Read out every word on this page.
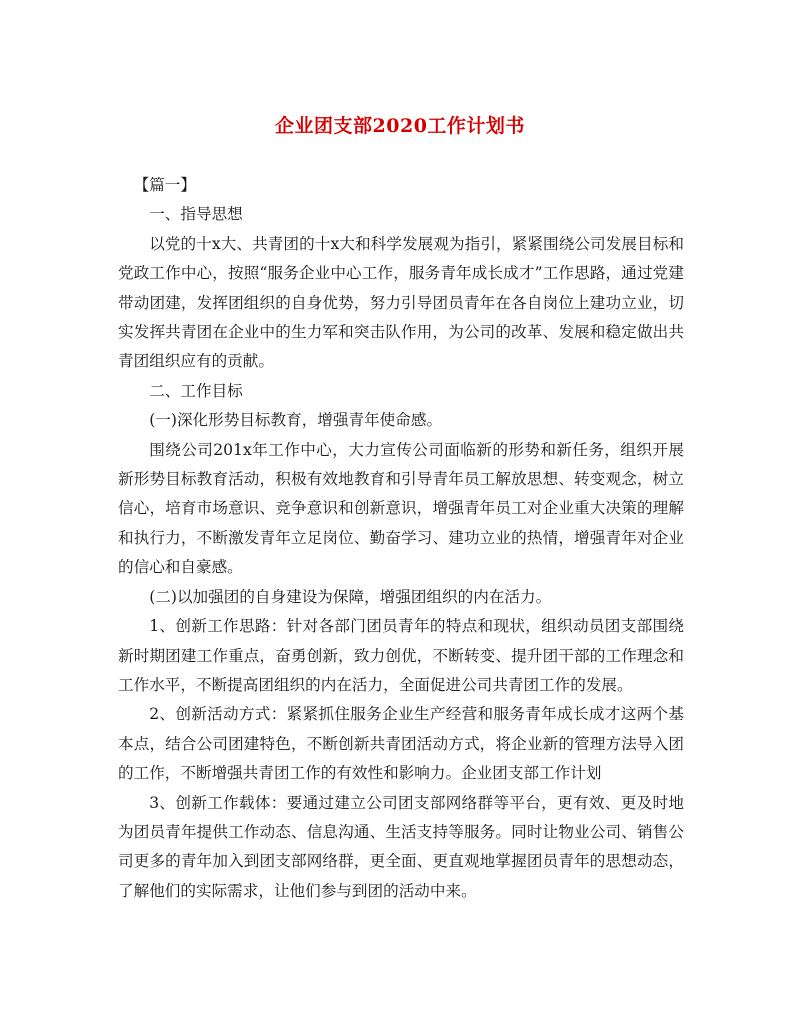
企业团支部2020工作计划书

【篇一】

一、指导思想

以党的十x大、共青团的十x大和科学发展观为指引，紧紧围绕公司发展目标和党政工作中心，按照“服务企业中心工作，服务青年成长成才”工作思路，通过党建带动团建，发挥团组织的自身优势，努力引导团员青年在各自岗位上建功立业，切实发挥共青团在企业中的生力军和突击队作用，为公司的改革、发展和稳定做出共青团组织应有的贡献。

二、工作目标

(一)深化形势目标教育，增强青年使命感。

围绕公司201x年工作中心，大力宣传公司面临新的形势和新任务，组织开展新形势目标教育活动，积极有效地教育和引导青年员工解放思想、转变观念，树立信心，培育市场意识、竞争意识和创新意识，增强青年员工对企业重大决策的理解和执行力，不断激发青年立足岗位、勤奋学习、建功立业的热情，增强青年对企业的信心和自豪感。

(二)以加强团的自身建设为保障，增强团组织的内在活力。

1、创新工作思路：针对各部门团员青年的特点和现状，组织动员团支部围绕新时期团建工作重点，奋勇创新，致力创优，不断转变、提升团干部的工作理念和工作水平，不断提高团组织的内在活力，全面促进公司共青团工作的发展。

2、创新活动方式：紧紧抓住服务企业生产经营和服务青年成长成才这两个基本点，结合公司团建特色，不断创新共青团活动方式，将企业新的管理方法导入团的工作，不断增强共青团工作的有效性和影响力。企业团支部工作计划

3、创新工作载体：要通过建立公司团支部网络群等平台，更有效、更及时地为团员青年提供工作动态、信息沟通、生活支持等服务。同时让物业公司、销售公司更多的青年加入到团支部网络群，更全面、更直观地掌握团员青年的思想动态，了解他们的实际需求，让他们参与到团的活动中来。
